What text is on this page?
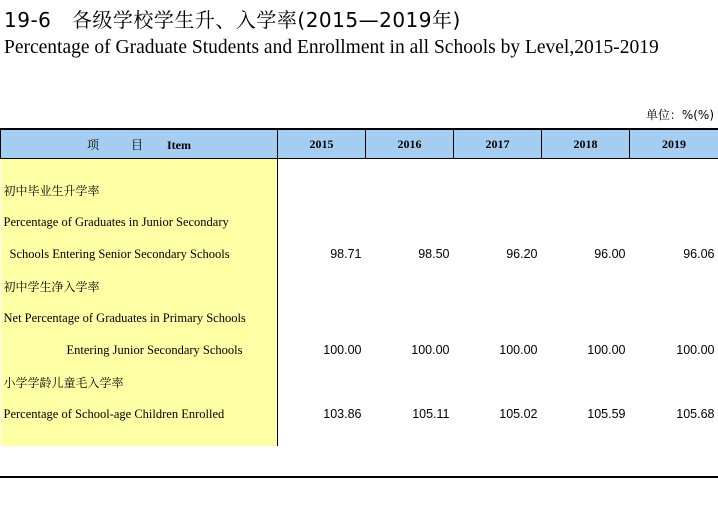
19-6　各级学校学生升、入学率(2015—2019年)
Percentage of Graduate Students and Enrollment in all Schools by Level,2015-2019
单位：%(%)
项　目 Item	2015	2016	2017	2018	2019

初中毕业生升学率					
Percentage of Graduates in Junior Secondary					
Schools Entering Senior Secondary Schools	98.71	98.50	96.20	96.00	96.06
初中学生净入学率					
Net Percentage of Graduates in Primary Schools					
Entering Junior Secondary Schools	100.00	100.00	100.00	100.00	100.00
小学学龄儿童毛入学率					
Percentage of School-age Children Enrolled	103.86	105.11	105.02	105.59	105.68
